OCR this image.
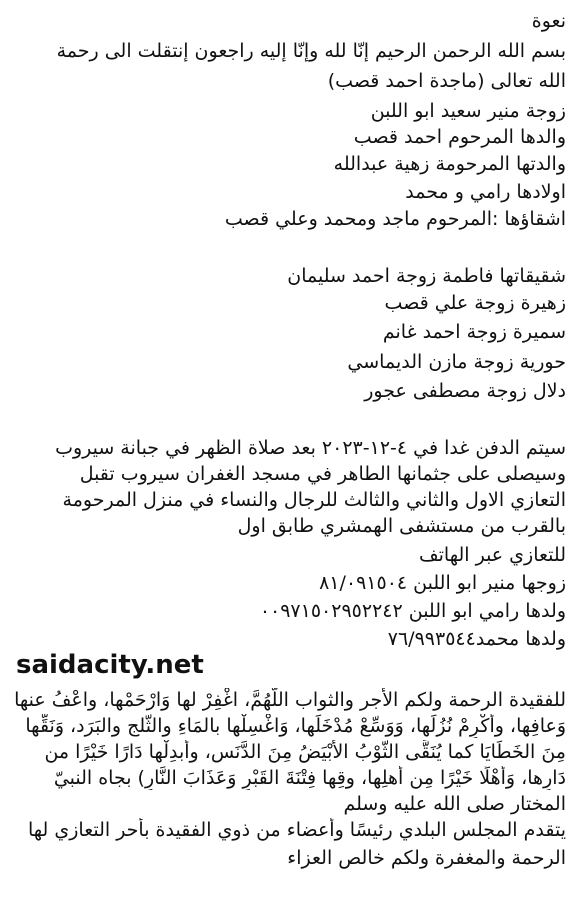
نعوة
بسم الله الرحمن الرحيم إنّا لله وإنّا إليه راجعون إنتقلت الى رحمة
الله تعالى (ماجدة احمد قصب)
زوجة منير سعيد ابو اللبن
والدها المرحوم احمد قصب
والدتها المرحومة زهية عبدالله
اولادها رامي و محمد
اشقاؤها :المرحوم ماجد ومحمد وعلي قصب
شقيقاتها فاطمة زوجة احمد سليمان
زهيرة زوجة علي قصب
سميرة زوجة احمد غانم
حورية زوجة مازن الديماسي
دلال زوجة مصطفى عجور
سيتم الدفن غدا في ٤-١٢-٢٠٢٣ بعد صلاة الظهر في جبانة سيروب
وسيصلى على جثمانها الطاهر في مسجد الغفران سيروب تقبل
التعازي الاول والثاني والثالث للرجال والنساء في منزل المرحومة
بالقرب من مستشفى الهمشري طابق اول
للتعازي عبر الهاتف
زوجها منير ابو اللبن ٨١/٠٩١٥٠٤
ولدها رامي ابو اللبن ٠٠٩٧١٥٠٢٩٥٢٢٤٢
ولدها محمد٧٦/٩٩٣٥٤٤
saidacity.net
للفقيدة الرحمة ولكم الأجر والثواب اللَّهُمَّ، اغْفِرْ لها وَارْحَمْها، واعْفُ عنها
وَعافِها، وأَكْرِمْ نُزُلَها، وَوَسِّعْ مُدْخَلَها، وَاغْسِلْها بالمَاءِ والثَّلجِ والبَرَد، وَنَقِّها
مِنَ الخَطَايَا كما يُنَقَّى الثَّوْبُ الأبْيَضُ مِنَ الدَّنَسِ، وأَبدِلْها دَارًا خَيْرًا من
دَارِها، وَأَهْلًا خَيْرًا مِن أهلِها، وقِها فِتْنَةَ القَبْرِ وَعَذَابَ النَّارِ) بجاه النبيّ
المختار صلى الله عليه وسلم
يتقدم المجلس البلدي رئيسًا وأعضاء من ذوي الفقيدة بأحر التعازي لها
الرحمة والمغفرة ولكم خالص العزاء
